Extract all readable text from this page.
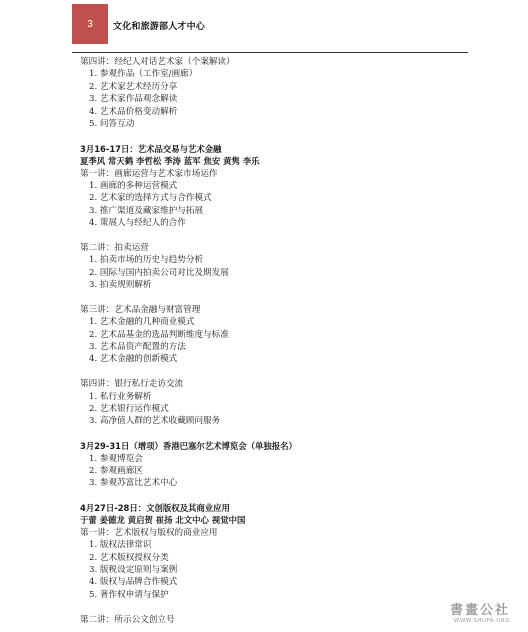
3 文化和旅游部人才中心
第四讲：经纪人对话艺术家（个案解读）
1. 参观作品（工作室/画廊）
2. 艺术家艺术经历分享
3. 艺术家作品观念解读
4. 艺术品价格变动解析
5. 问答互动
3月16-17日：艺术品交易与艺术金融
夏季风 常天鹤 李哲松 季涛 蓝军 焦安 黄隽 李乐
第一讲：画廊运营与艺术家市场运作
1. 画廊的多种运营模式
2. 艺术家的选择方式与合作模式
3. 推广渠道及藏家维护与拓展
4. 策展人与经纪人的合作
第二讲：拍卖运营
1. 拍卖市场的历史与趋势分析
2. 国际与国内拍卖公司对比及期发展
3. 拍卖规则解析
第三讲：艺术品金融与财富管理
1. 艺术金融的几种商业模式
2. 艺术品基金的选品判断维度与标准
3. 艺术品资产配置的方法
4. 艺术金融的创新模式
第四讲：银行私行走访交流
1. 私行业务解析
2. 艺术银行运作模式
3. 高净值人群的艺术收藏顾问服务
3月29-31日（增项）香港巴塞尔艺术博览会（单独报名）
1. 参观博览会
2. 参观画廊区
3. 参观苏富比艺术中心
4月27日-28日：文创版权及其商业应用
于蕾 姜德龙 黄启贺 崔扬 北文中心 视觉中国
第一讲：艺术版权与版权的商业应用
1. 版权法律常识
2. 艺术版权授权分类
3. 版税设定原则与案例
4. 版权与品牌合作模式
5. 著作权申请与保护
第二讲：所示公文创立号
書畫公社
WWW.SHUFA.ORG
